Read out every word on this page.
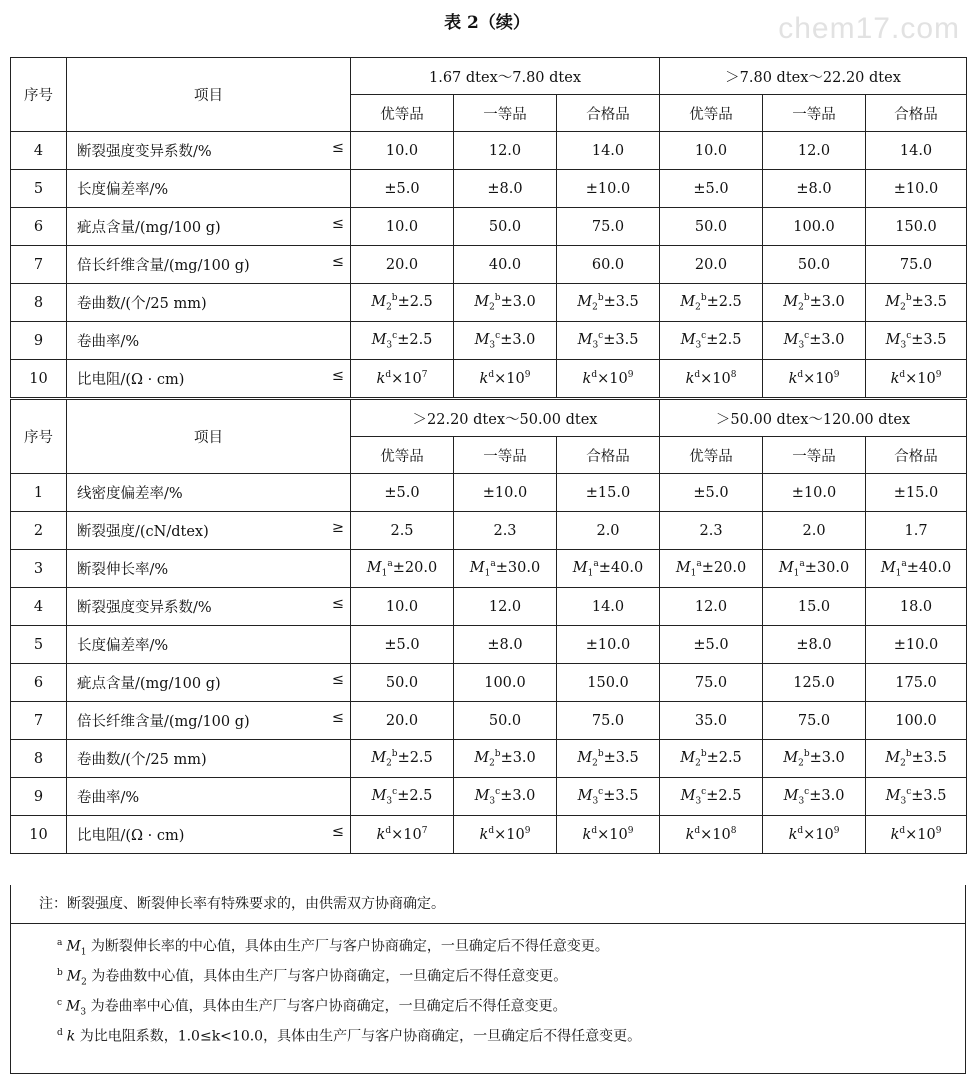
chem17.com
表 2（续）
序号	项目	1.67 dtex～7.80 dtex			＞7.80 dtex～22.20 dtex		
		优等品	一等品	合格品	优等品	一等品	合格品
4	断裂强度变异系数/% ≤	10.0	12.0	14.0	10.0	12.0	14.0
5	长度偏差率/%	±5.0	±8.0	±10.0	±5.0	±8.0	±10.0
6	疵点含量/(mg/100 g) ≤	10.0	50.0	75.0	50.0	100.0	150.0
7	倍长纤维含量/(mg/100 g) ≤	20.0	40.0	60.0	20.0	50.0	75.0
8	卷曲数/(个/25 mm)	$M_2^b\pm 2.5$	$M_2^b\pm 3.0$	$M_2^b\pm 3.5$	$M_2^b\pm 2.5$	$M_2^b\pm 3.0$	$M_2^b\pm 3.5$
9	卷曲率/%	$M_3^c\pm 2.5$	$M_3^c\pm 3.0$	$M_3^c\pm 3.5$	$M_3^c\pm 2.5$	$M_3^c\pm 3.0$	$M_3^c\pm 3.5$
10	比电阻/(Ω · cm) ≤	$k^d\times 10^7$	$k^d\times 10^9$	$k^d\times 10^9$	$k^d\times 10^8$	$k^d\times 10^9$	$k^d\times 10^9$
序号	项目	＞22.20 dtex～50.00 dtex			＞50.00 dtex～120.00 dtex		
		优等品	一等品	合格品	优等品	一等品	合格品
1	线密度偏差率/%	±5.0	±10.0	±15.0	±5.0	±10.0	±15.0
2	断裂强度/(cN/dtex) ≥	2.5	2.3	2.0	2.3	2.0	1.7
3	断裂伸长率/%	$M_1^a\pm 20.0$	$M_1^a\pm 30.0$	$M_1^a\pm 40.0$	$M_1^a\pm 20.0$	$M_1^a\pm 30.0$	$M_1^a\pm 40.0$
4	断裂强度变异系数/% ≤	10.0	12.0	14.0	12.0	15.0	18.0
5	长度偏差率/%	±5.0	±8.0	±10.0	±5.0	±8.0	±10.0
6	疵点含量/(mg/100 g) ≤	50.0	100.0	150.0	75.0	125.0	175.0
7	倍长纤维含量/(mg/100 g) ≤	20.0	50.0	75.0	35.0	75.0	100.0
8	卷曲数/(个/25 mm)	$M_2^b\pm 2.5$	$M_2^b\pm 3.0$	$M_2^b\pm 3.5$	$M_2^b\pm 2.5$	$M_2^b\pm 3.0$	$M_2^b\pm 3.5$
9	卷曲率/%	$M_3^c\pm 2.5$	$M_3^c\pm 3.0$	$M_3^c\pm 3.5$	$M_3^c\pm 2.5$	$M_3^c\pm 3.0$	$M_3^c\pm 3.5$
10	比电阻/(Ω · cm) ≤	$k^d\times 10^7$	$k^d\times 10^9$	$k^d\times 10^9$	$k^d\times 10^8$	$k^d\times 10^9$	$k^d\times 10^9$
注：断裂强度、断裂伸长率有特殊要求的，由供需双方协商确定。
$^a$ $M_1$ 为断裂伸长率的中心值，具体由生产厂与客户协商确定，一旦确定后不得任意变更。
$^b$ $M_2$ 为卷曲数中心值，具体由生产厂与客户协商确定，一旦确定后不得任意变更。
$^c$ $M_3$ 为卷曲率中心值，具体由生产厂与客户协商确定，一旦确定后不得任意变更。
$^d$ k 为比电阻系数，1.0≤k<10.0，具体由生产厂与客户协商确定，一旦确定后不得任意变更。
